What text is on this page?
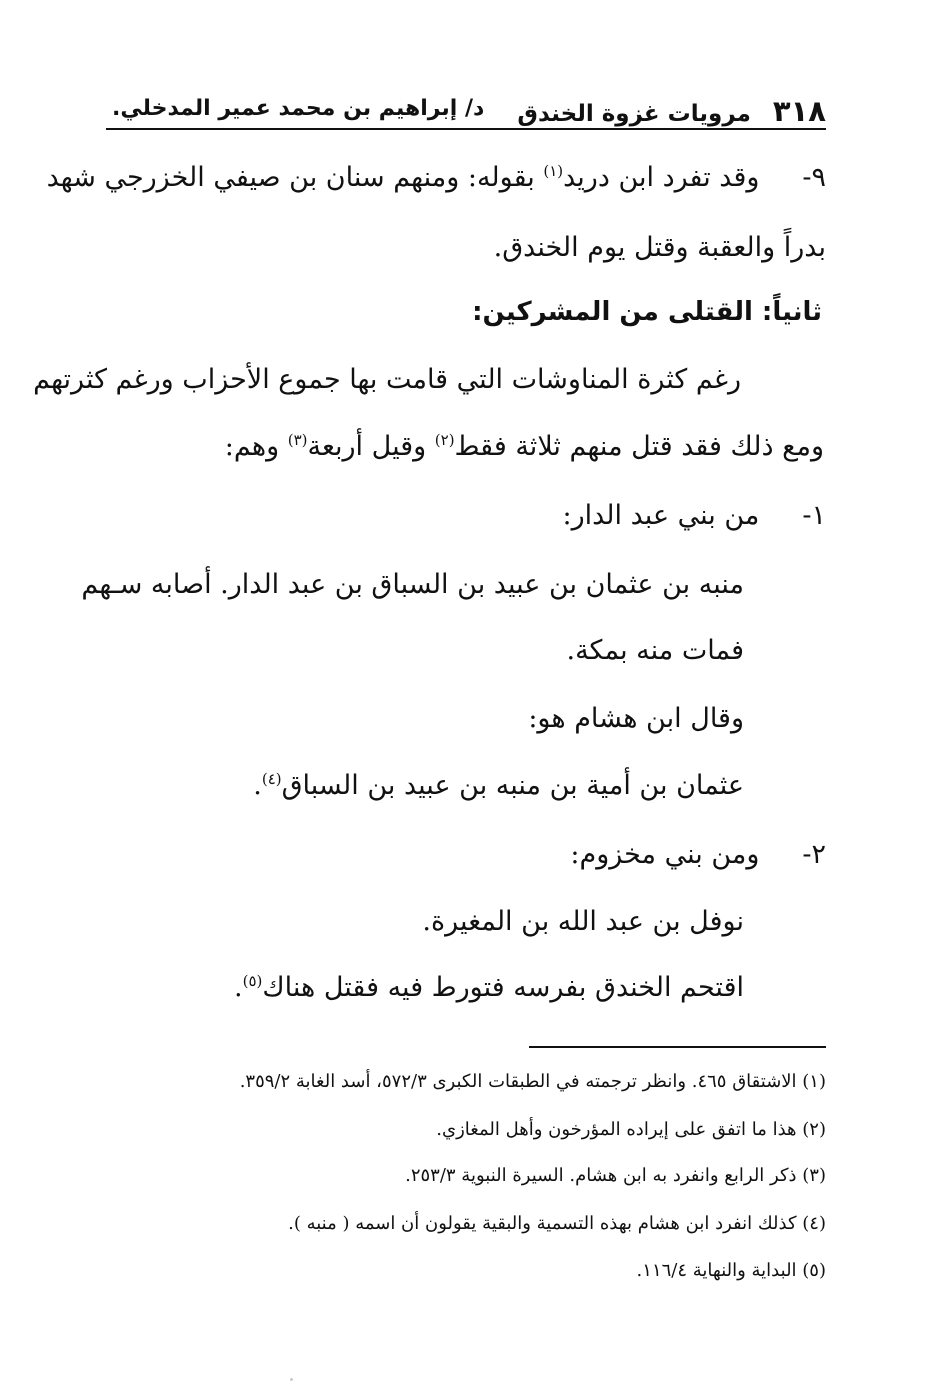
٣١٨ مرويات غزوة الخندق
د/ إبراهيم بن محمد عمير المدخلي.
٩- وقد تفرد ابن دريد$^{(١)}$ بقوله: ومنهم سنان بن صيفي الخزرجي شهد
بدراً والعقبة وقتل يوم الخندق.
ثانياً: القتلى من المشركين:
رغم كثرة المناوشات التي قامت بها جموع الأحزاب ورغم كثرتهم
ومع ذلك فقد قتل منهم ثلاثة فقط$^{(٢)}$ وقيل أربعة$^{(٣)}$ وهم:
١- من بني عبد الدار:
منبه بن عثمان بن عبيد بن السباق بن عبد الدار. أصابه سـهم
فمات منه بمكة.
وقال ابن هشام هو:
عثمان بن أمية بن منبه بن عبيد بن السباق$^{(٤)}$.
٢- ومن بني مخزوم:
نوفل بن عبد الله بن المغيرة.
اقتحم الخندق بفرسه فتورط فيه فقتل هناك$^{(٥)}$.
(١) الاشتقاق ٤٦٥. وانظر ترجمته في الطبقات الكبرى ٥٧٢/٣، أسد الغابة ٣٥٩/٢.
(٢) هذا ما اتفق على إيراده المؤرخون وأهل المغازي.
(٣) ذكر الرابع وانفرد به ابن هشام. السيرة النبوية ٢٥٣/٣.
(٤) كذلك انفرد ابن هشام بهذه التسمية والبقية يقولون أن اسمه ( منبه ).
(٥) البداية والنهاية ١١٦/٤.
